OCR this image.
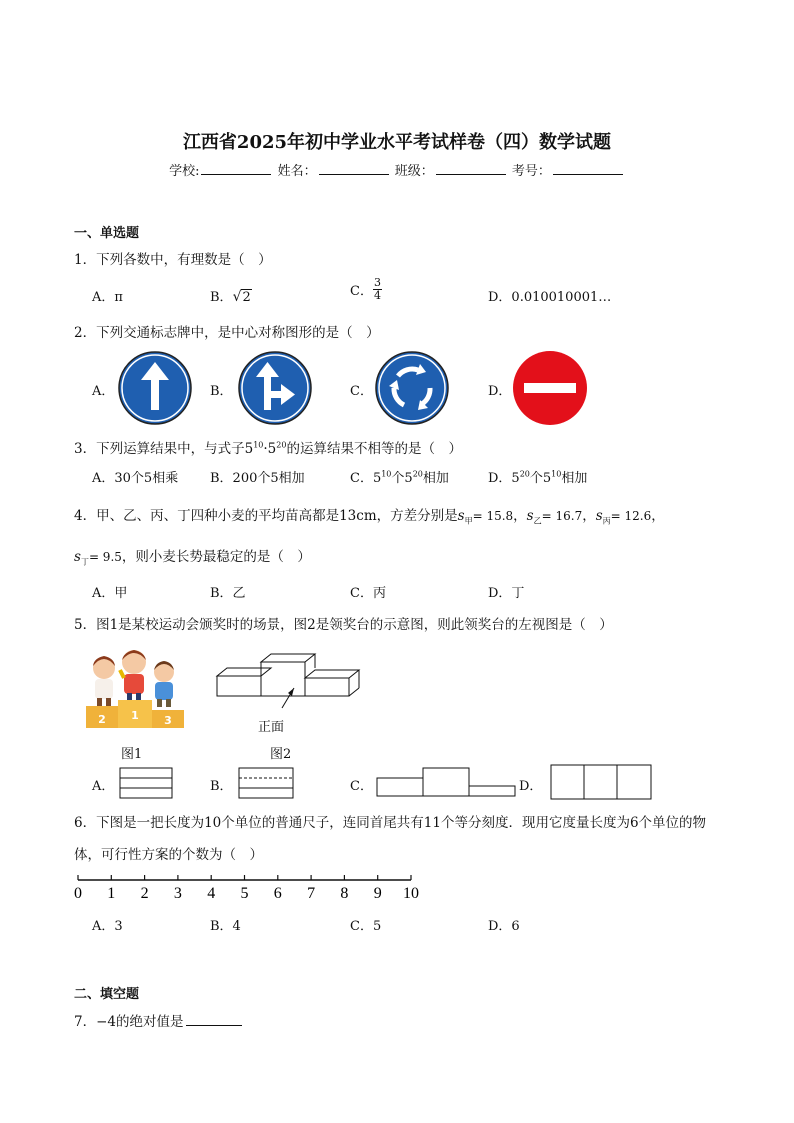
江西省2025年初中学业水平考试样卷（四）数学试题
学校:	姓名：	班级：	考号：
一、单选题
1．下列各数中，有理数是（　）
A．π	B．√2	C． $\frac{3}{4}$	D．0.010010001…
2．下列交通标志牌中，是中心对称图形的是（　）
A．	B．	C．	D．
3．下列运算结果中，与式子$5^{10}\cdot 5^{20}$的运算结果不相等的是（　）
A．30个5相乘 B．200个5相加	C．$5^{10}$个$5^{20}$相加	D．$5^{20}$个$5^{10}$相加
4．甲、乙、丙、丁四种小麦的平均苗高都是13cm，方差分别是$s_甲= 15.8$，$s_乙= 16.7$，$s_丙= 12.6$，
$s_丁= 9.5$，则小麦长势最稳定的是（　）
A．甲	B．乙	C．丙	D．丁
5．图1是某校运动会颁奖时的场景，图2是领奖台的示意图，则此领奖台的左视图是（　）
2 1 3
图1
正面
图2
A．	B．	C．	D．
6．下图是一把长度为10个单位的普通尺子，连同首尾共有11个等分刻度．现用它度量长度为6个单位的物
体，可行性方案的个数为（　）
0 1 2 3 4 5 6 7 8 9 10
A．3	B．4	C．5	D．6
二、填空题
7．−4的绝对值是
